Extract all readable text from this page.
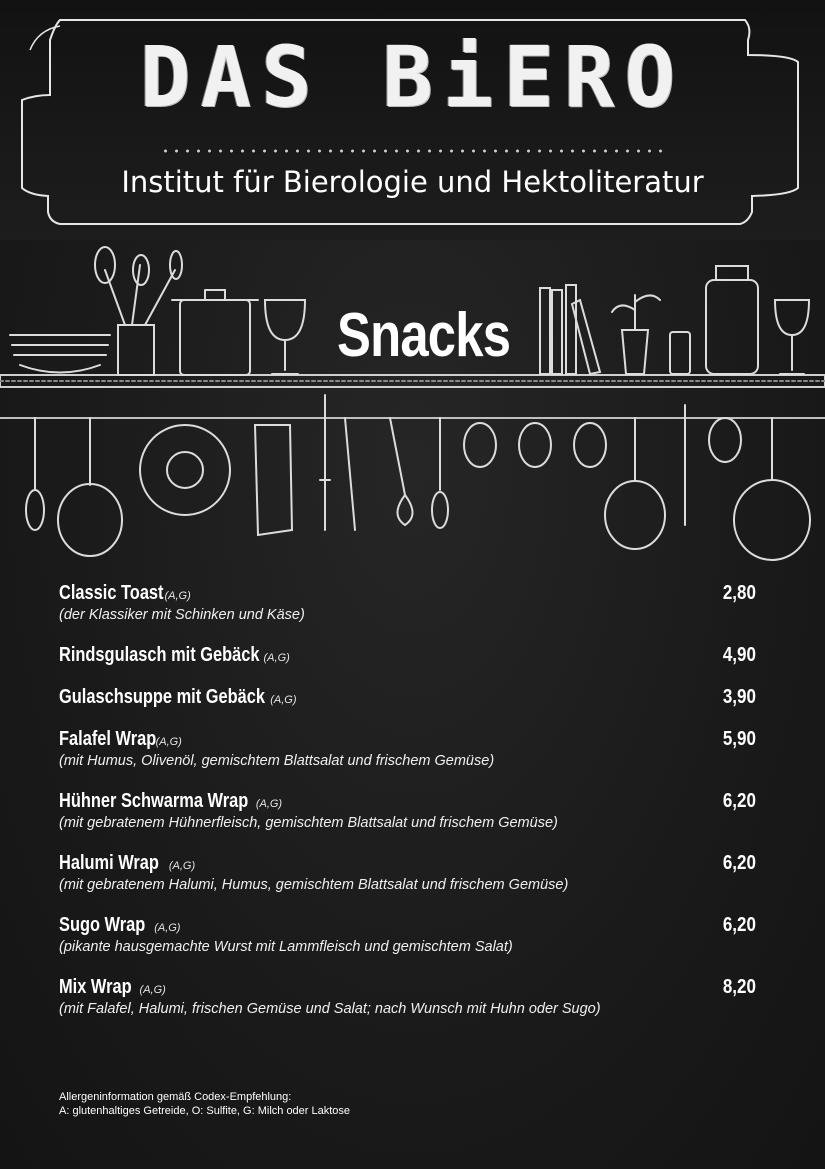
DAS BiERO
Institut für Bierologie und Hektoliteratur
Snacks
Classic Toast (A,G)	2,80
(der Klassiker mit Schinken und Käse)
Rindsgulasch mit Gebäck (A,G)	4,90
Gulaschsuppe mit Gebäck (A,G)	3,90
Falafel Wrap (A,G)	5,90
(mit Humus, Olivenöl, gemischtem Blattsalat und frischem Gemüse)
Hühner Schwarma Wrap (A,G)	6,20
(mit gebratenem Hühnerfleisch, gemischtem Blattsalat und frischem Gemüse)
Halumi Wrap (A,G)	6,20
(mit gebratenem Halumi, Humus, gemischtem Blattsalat und frischem Gemüse)
Sugo Wrap (A,G)	6,20
(pikante hausgemachte Wurst mit Lammfleisch und gemischtem Salat)
Mix Wrap (A,G)	8,20
(mit Falafel, Halumi, frischen Gemüse und Salat; nach Wunsch mit Huhn oder Sugo)
Allergeninformation gemäß Codex-Empfehlung:
A: glutenhaltiges Getreide, O: Sulfite, G: Milch oder Laktose
